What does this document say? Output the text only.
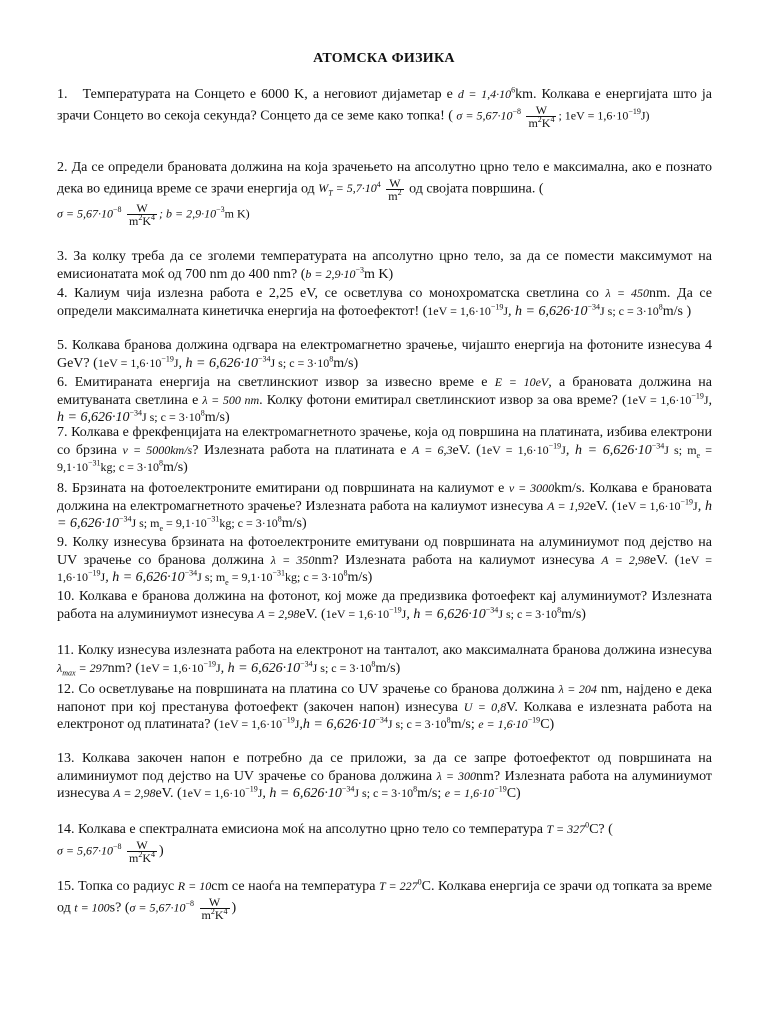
АТОМСКА ФИЗИКА
1. Температурата на Сонцето е 6000 K, а неговиот дијаметар е $d = 1,4\cdot 10^6km$. Колкава е енергијата што ја зрачи Сонцето во секоја секунда? Сонцето да се земе како топка! ( $\sigma = 5,67\cdot 10^{-8} \frac{W}{m^2K^4}$ ; $1eV = 1,6\cdot 10^{-19}J$)
2. Да се определи брановата должина на која зрачењето на апсолутно црно тело е максимална, ако е познато дека во единица време се зрачи енергија од $W_T = 5,7\cdot 10^4 \frac{W}{m^2}$ од својата површина. (
$\sigma = 5,67\cdot 10^{-8} \frac{W}{m^2K^4}$ ; $b = 2,9\cdot 10^{-3}m$ K)
3. За колку треба да се зголеми температурата на апсолутно црно тело, за да се помести максимумот на емисионатата моќ од 700 nm до 400 nm? ($b = 2,9\cdot 10^{-3}m$ K)
4. Калиум чија излезна работа е 2,25 eV, се осветлува со монохроматска светлина со λ = 450nm. Да се определи максималната кинетичка енергија на фотоефектот! ($1eV = 1,6\cdot 10^{-19}J$, $h = 6,626\cdot 10^{-34}J$ s; $c = 3\cdot 10^8m/s$ )
5. Колкава бранова должина одгвара на електромагнетно зрачење, чијашто енергија на фотоните изнесува 4 GeV? ($1eV = 1,6\cdot 10^{-19}J$, $h = 6,626\cdot 10^{-34}J$ s; $c = 3\cdot 10^8m/s$)
6. Емитираната енергија на светлинскиот извор за извесно време е E = 10eV, а брановата должина на емитуваната светлина е λ = 500 nm. Колку фотони емитирал светлинскиот извор за ова време? ($1eV = 1,6\cdot 10^{-19}J$, $h = 6,626\cdot 10^{-34}J$ s; $c = 3\cdot 10^8m/s$)
7. Колкава е фрекфенцијата на електромагнетното зрачење, која од површина на платината, избива електрони со брзина v = 5000km/s? Излезната работа на платината е A = 6,3eV. ($1eV = 1,6\cdot 10^{-19}J$, $h = 6,626\cdot 10^{-34}J$ s; $m_e = 9,1\cdot 10^{-31}kg$; $c = 3\cdot 10^8m/s$)
8. Брзината на фотоелектроните емитирани од површината на калиумот е v = 3000km/s. Колкава е брановата должина на електромагнетното зрачење? Излезната работа на калиумот изнесува A = 1,92eV. ($1eV = 1,6\cdot 10^{-19}J$, $h = 6,626\cdot 10^{-34}J$ s; $m_e = 9,1\cdot 10^{-31}kg$; $c = 3\cdot 10^8m/s$)
9. Колку изнесува брзината на фотоелектроните емитувани од површината на алуминиумот под дејство на UV зрачење со бранова должина λ = 350nm? Излезната работа на калиумот изнесува A = 2,98eV. ($1eV = 1,6\cdot 10^{-19}J$, $h = 6,626\cdot 10^{-34}J$ s; $m_e = 9,1\cdot 10^{-31}kg$; $c = 3\cdot 10^8m/s$)
10. Колкава е бранова должина на фотонот, кој може да предизвика фотоефект кај алуминиумот? Излезната работа на алуминиумот изнесува A = 2,98eV. ($1eV = 1,6\cdot 10^{-19}J$, $h = 6,626\cdot 10^{-34}J$ s; $c = 3\cdot 10^8m/s$)
11. Колку изнесува излезната работа на електронот на танталот, ако максималната бранова должина изнесува $\lambda_{max} = 297nm$? ($1eV = 1,6\cdot 10^{-19}J$, $h = 6,626\cdot 10^{-34}J$ s; $c = 3\cdot 10^8m/s$)
12. Со осветлување на површината на платина со UV зрачење со бранова должина λ = 204 nm, најдено е дека напонот при кој престанува фотоефект (закочен напон) изнесува U = 0,8V. Колкава е излезната работа на електронот од платината? ($1eV = 1,6\cdot 10^{-19}J,h = 6,626\cdot 10^{-34}J$ s; $c = 3\cdot 10^8m/s$; $e = 1,6\cdot 10^{-19}C$)
13. Колкава закочен напон е потребно да се приложи, за да се запре фотоефектот од површината на алиминиумот под дејство на UV зрачење со бранова должина λ = 300nm? Излезната работа на алуминиумот изнесува A = 2,98eV. ($1eV = 1,6\cdot 10^{-19}J$, $h = 6,626\cdot 10^{-34}J$ s; $c = 3\cdot 10^8m/s$; $e = 1,6\cdot 10^{-19}C$)
14. Колкава е спектралната емисиона моќ на апсолутно црно тело со температура $T = 327^0C$? (
$\sigma = 5,67\cdot 10^{-8} \frac{W}{m^2K^4}$ )
15. Топка со радиус R = 10cm се наоѓа на температура $T = 227^0C$. Колкава енергија се зрачи од топката за време од t = 100s? ($\sigma = 5,67\cdot 10^{-8} \frac{W}{m^2K^4}$ )
